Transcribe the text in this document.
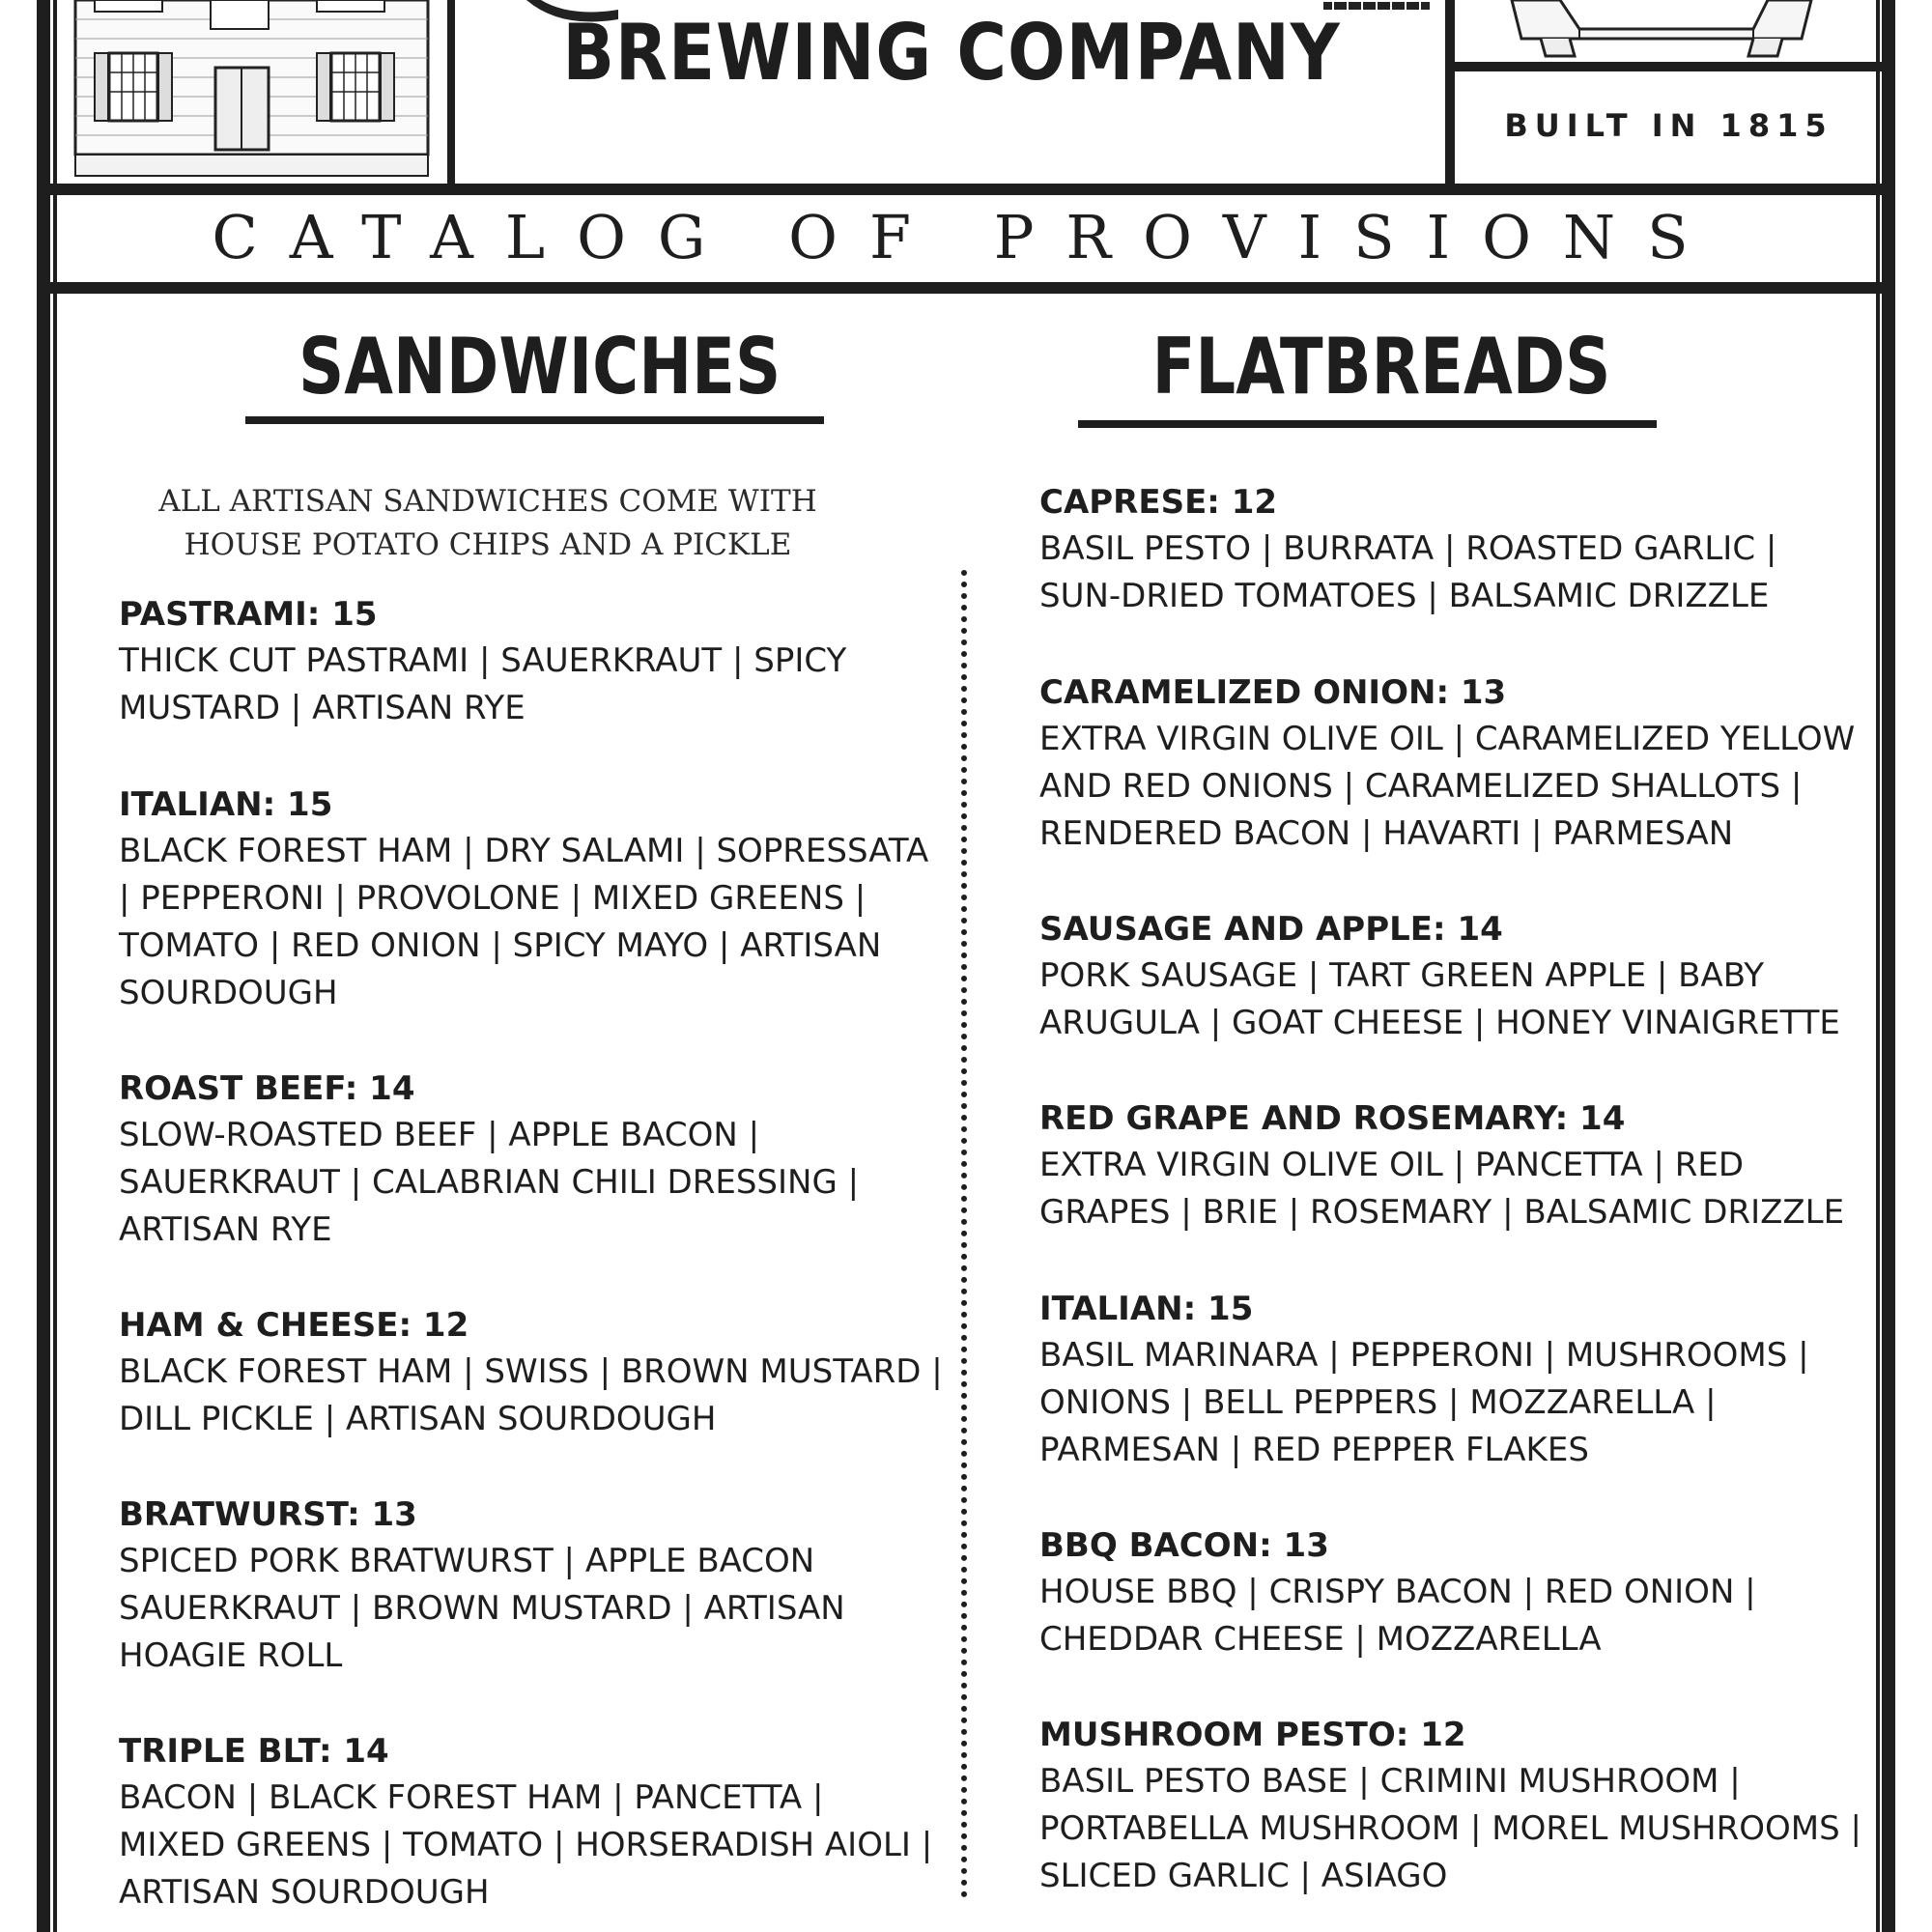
BREWING COMPANY
BUILT IN 1815
CATALOG OF PROVISIONS
SANDWICHES
ALL ARTISAN SANDWICHES COME WITH HOUSE POTATO CHIPS AND A PICKLE
PASTRAMI: 15
THICK CUT PASTRAMI | SAUERKRAUT | SPICY MUSTARD | ARTISAN RYE
ITALIAN: 15
BLACK FOREST HAM | DRY SALAMI | SOPRESSATA | PEPPERONI | PROVOLONE | MIXED GREENS | TOMATO | RED ONION | SPICY MAYO | ARTISAN SOURDOUGH
ROAST BEEF: 14
SLOW-ROASTED BEEF | APPLE BACON | SAUERKRAUT | CALABRIAN CHILI DRESSING | ARTISAN RYE
HAM & CHEESE: 12
BLACK FOREST HAM | SWISS | BROWN MUSTARD | DILL PICKLE | ARTISAN SOURDOUGH
BRATWURST: 13
SPICED PORK BRATWURST | APPLE BACON SAUERKRAUT | BROWN MUSTARD | ARTISAN HOAGIE ROLL
TRIPLE BLT: 14
BACON | BLACK FOREST HAM | PANCETTA | MIXED GREENS | TOMATO | HORSERADISH AIOLI | ARTISAN SOURDOUGH
FLATBREADS
CAPRESE: 12
BASIL PESTO | BURRATA | ROASTED GARLIC | SUN-DRIED TOMATOES | BALSAMIC DRIZZLE
CARAMELIZED ONION: 13
EXTRA VIRGIN OLIVE OIL | CARAMELIZED YELLOW AND RED ONIONS | CARAMELIZED SHALLOTS | RENDERED BACON | HAVARTI | PARMESAN
SAUSAGE AND APPLE: 14
PORK SAUSAGE | TART GREEN APPLE | BABY ARUGULA | GOAT CHEESE | HONEY VINAIGRETTE
RED GRAPE AND ROSEMARY: 14
EXTRA VIRGIN OLIVE OIL | PANCETTA | RED GRAPES | BRIE | ROSEMARY | BALSAMIC DRIZZLE
ITALIAN: 15
BASIL MARINARA | PEPPERONI | MUSHROOMS | ONIONS | BELL PEPPERS | MOZZARELLA | PARMESAN | RED PEPPER FLAKES
BBQ BACON: 13
HOUSE BBQ | CRISPY BACON | RED ONION | CHEDDAR CHEESE | MOZZARELLA
MUSHROOM PESTO: 12
BASIL PESTO BASE | CRIMINI MUSHROOM | PORTABELLA MUSHROOM | MOREL MUSHROOMS | SLICED GARLIC | ASIAGO
